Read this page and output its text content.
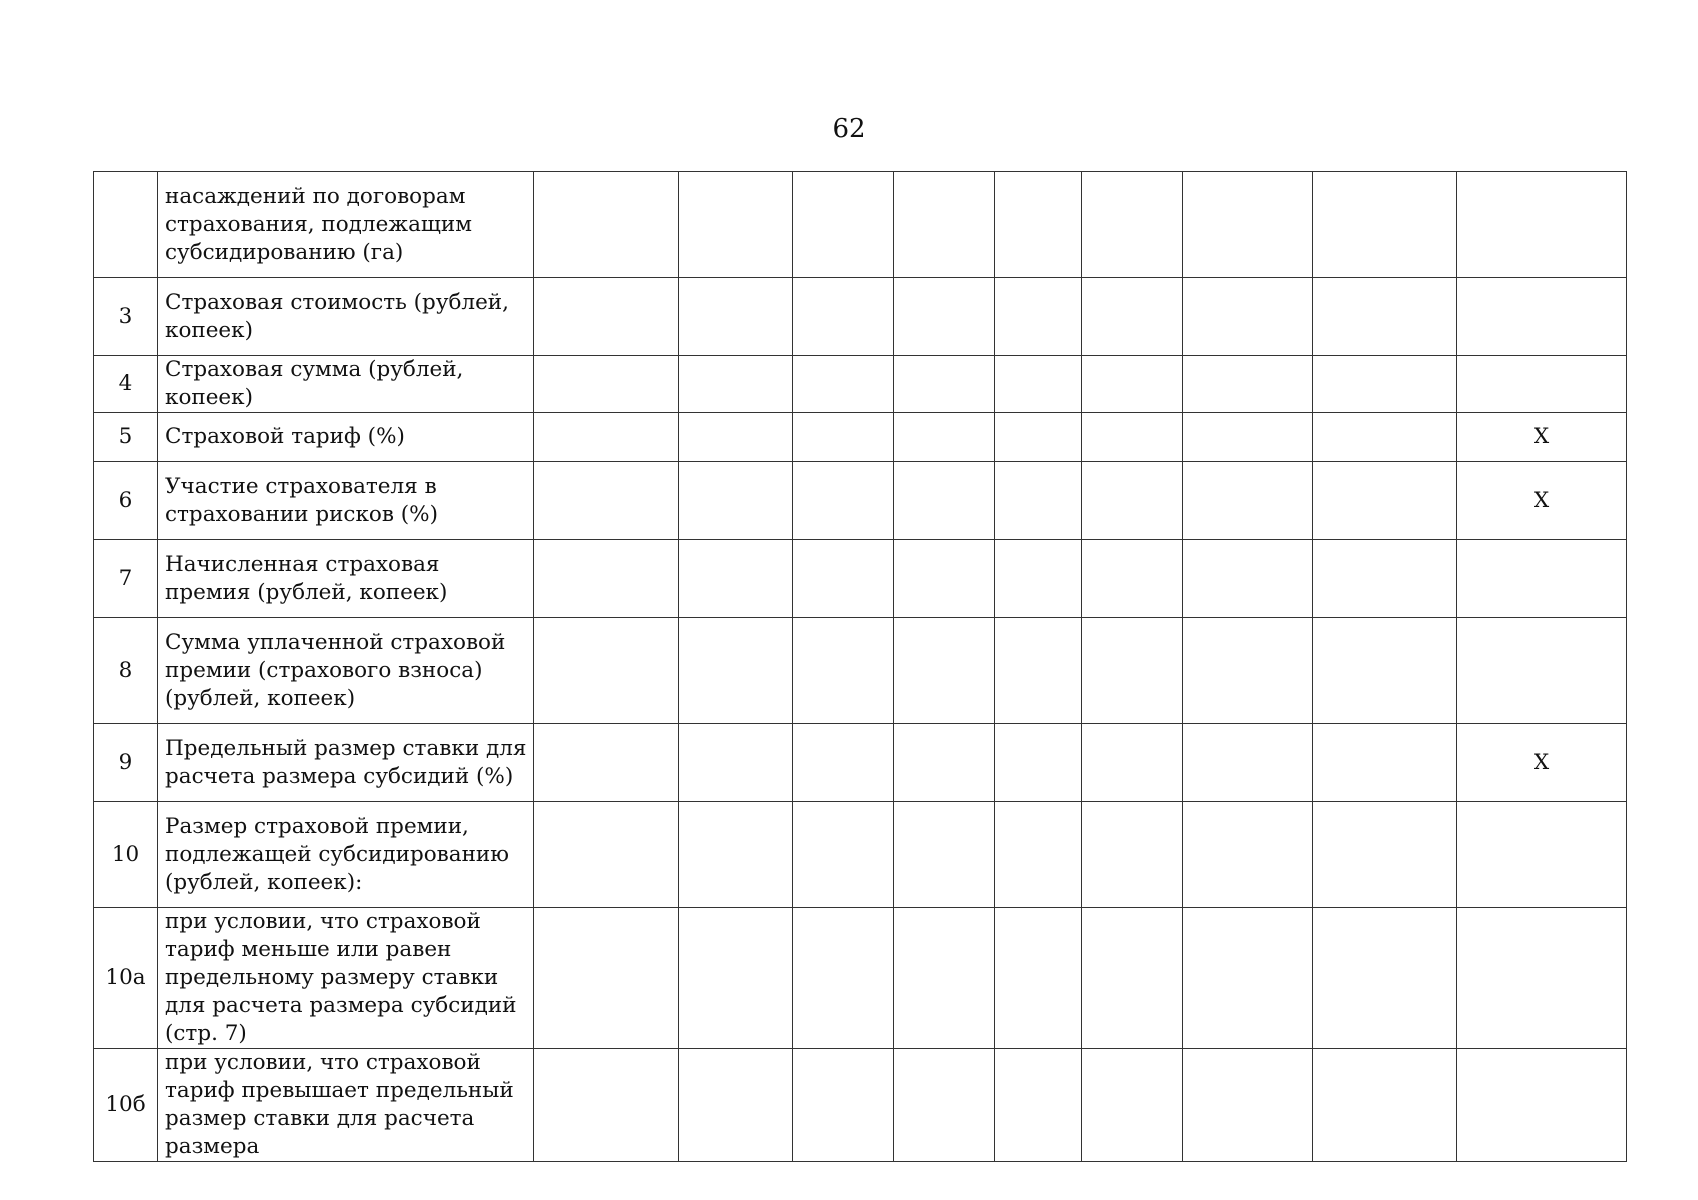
62
	насаждений по договорам страхования, подлежащим субсидированию (га)									
3	Страховая стоимость (рублей, копеек)									
4	Страховая сумма (рублей, копеек)									
5	Страховой тариф (%)									Х
6	Участие страхователя в страховании рисков (%)									Х
7	Начисленная страховая премия (рублей, копеек)									
8	Сумма уплаченной страховой премии (страхового взноса) (рублей, копеек)									
9	Предельный размер ставки для расчета размера субсидий (%)									Х
10	Размер страховой премии, подлежащей субсидированию (рублей, копеек):									
10а	при условии, что страховой тариф меньше или равен предельному размеру ставки для расчета размера субсидий (стр. 7)									
10б	при условии, что страховой тариф превышает предельный размер ставки для расчета размера									
